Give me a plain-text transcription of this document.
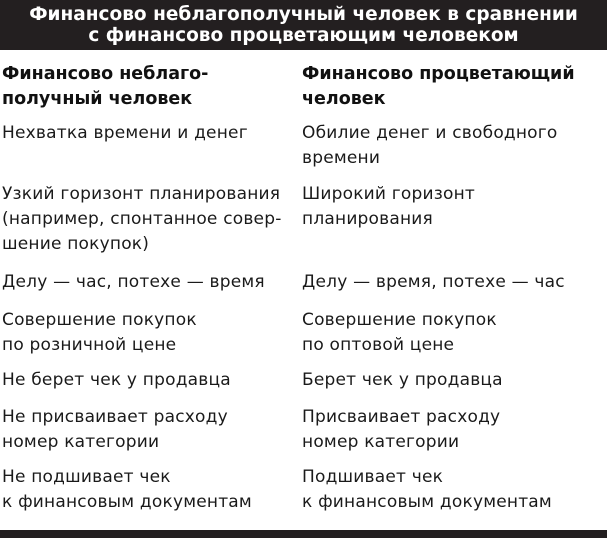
Финансово неблагополучный человек в сравнении
с финансово процветающим человеком
Финансово неблаго-
получный человек
Нехватка времени и денег
Узкий горизонт планирования
(например, спонтанное совер-
шение покупок)
Делу — час, потехе — время
Совершение покупок
по розничной цене
Не берет чек у продавца
Не присваивает расходу
номер категории
Не подшивает чек
к финансовым документам
Финансово процветающий
человек
Обилие денег и свободного
времени
Широкий горизонт
планирования
Делу — время, потехе — час
Совершение покупок
по оптовой цене
Берет чек у продавца
Присваивает расходу
номер категории
Подшивает чек
к финансовым документам
